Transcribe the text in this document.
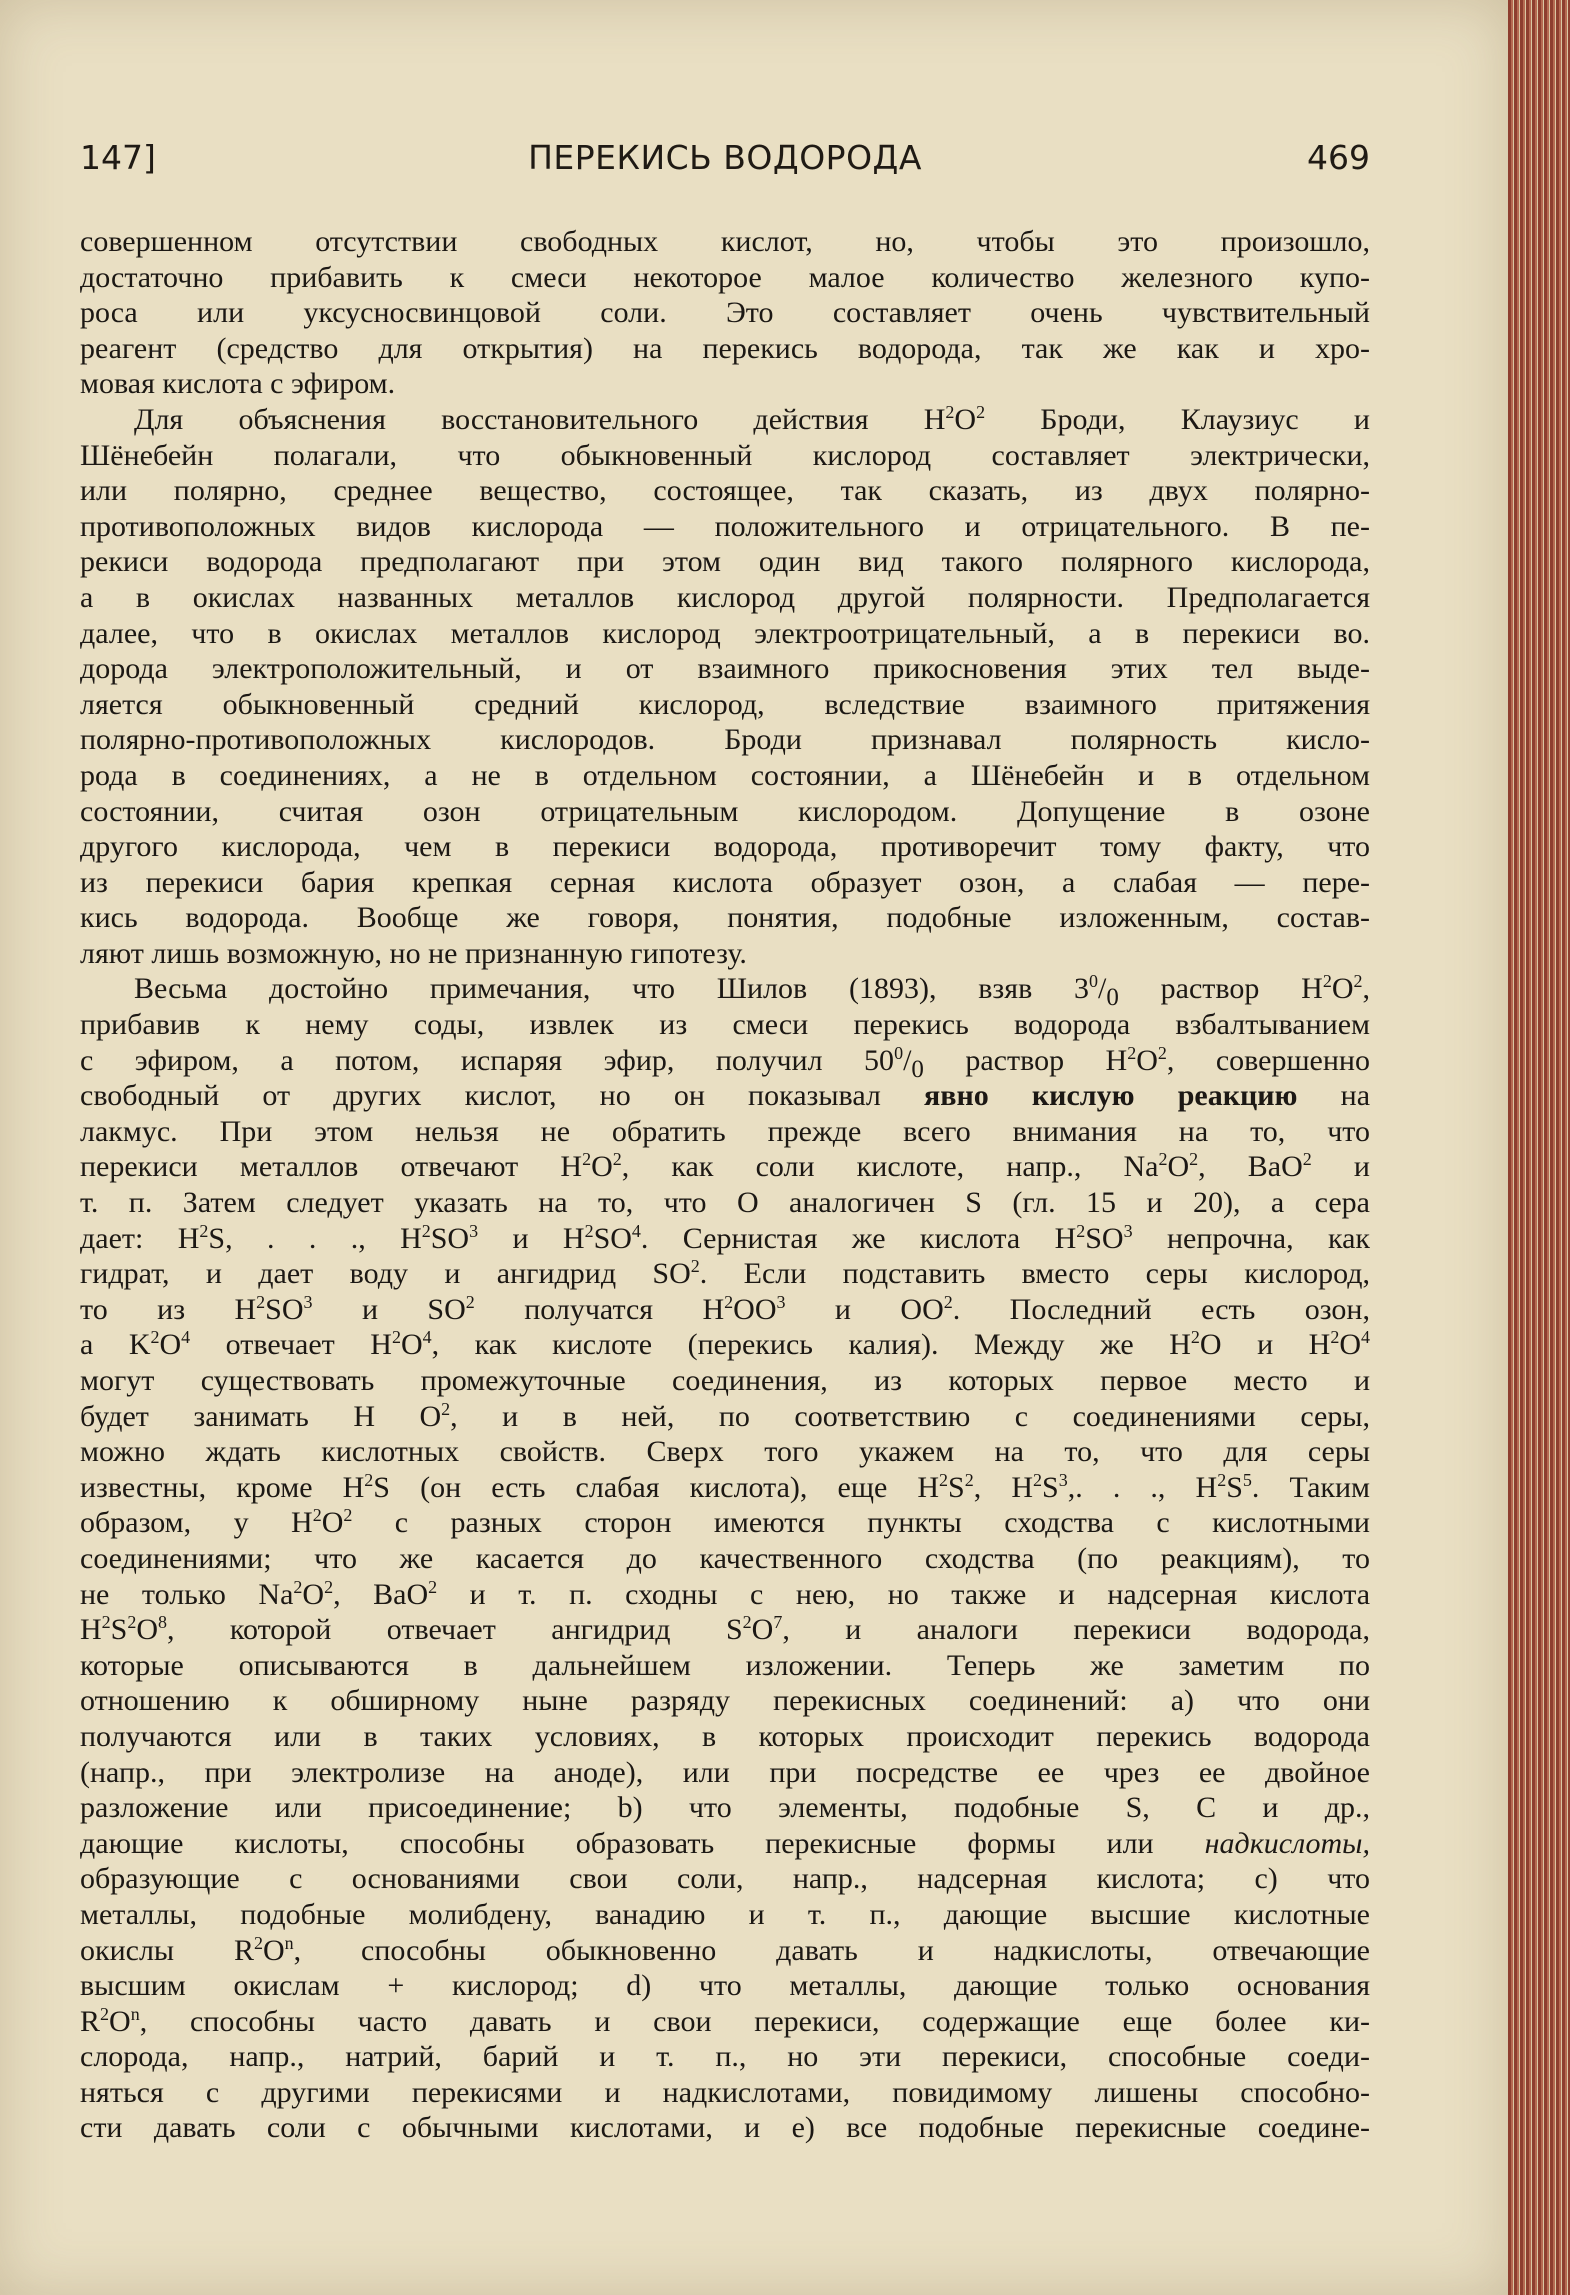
147]	ПЕРЕКИСЬ ВОДОРОДА	469
совершенном отсутствии свободных кислот, но, чтобы это произошло,
достаточно прибавить к смеси некоторое малое количество железного купо-
роса или уксусносвинцовой соли. Это составляет очень чувствительный
реагент (средство для открытия) на перекись водорода, так же как и хро-
мовая кислота с эфиром.
Для объяснения восстановительного действия $H^2O^2$ Броди, Клаузиус и
Шёнебейн полагали, что обыкновенный кислород составляет электрически,
или полярно, среднее вещество, состоящее, так сказать, из двух полярно-
противоположных видов кислорода — положительного и отрицательного. В пе-
рекиси водорода предполагают при этом один вид такого полярного кислорода,
а в окислах названных металлов кислород другой полярности. Предполагается
далее, что в окислах металлов кислород электроотрицательный, а в перекиси во.
дорода электроположительный, и от взаимного прикосновения этих тел выде-
ляется обыкновенный средний кислород, вследствие взаимного притяжения
полярно-противоположных кислородов. Броди признавал полярность кисло-
рода в соединениях, а не в отдельном состоянии, а Шёнебейн и в отдельном
состоянии, считая озон отрицательным кислородом. Допущение в озоне
другого кислорода, чем в перекиси водорода, противоречит тому факту, что
из перекиси бария крепкая серная кислота образует озон, а слабая — пере-
кись водорода. Вообще же говоря, понятия, подобные изложенным, состав-
ляют лишь возможную, но не признанную гипотезу.
Весьма достойно примечания, что Шилов (1893), взяв $3^0/_0$ раствор $H^2O^2$,
прибавив к нему соды, извлек из смеси перекись водорода взбалтыванием
с эфиром, а потом, испаряя эфир, получил $50^0/_0$ раствор $H^2O^2$, совершенно
свободный от других кислот, но он показывал явно кислую реакцию на
лакмус. При этом нельзя не обратить прежде всего внимания на то, что
перекиси металлов отвечают $H^2O^2$, как соли кислоте, напр., $Na^2O^2$, BaO$^2$ и
т. п. Затем следует указать на то, что O аналогичен S (гл. 15 и 20), а сера
дает: $H^2S$, . . ., $H^2SO^3$ и $H^2SO^4$. Сернистая же кислота $H^2SO^3$ непрочна, как
гидрат, и дает воду и ангидрид $SO^2$. Если подставить вместо серы кислород,
то из $H^2SO^3$ и $SO^2$ получатся $H^2OO^3$ и $OO^2$. Последний есть озон,
а $K^2O^4$ отвечает $H^2O^4$, как кислоте (перекись калия). Между же $H^2O$ и $H^2O^4$
могут существовать промежуточные соединения, из которых первое место и
будет занимать H $O^2$, и в ней, по соответствию с соединениями серы,
можно ждать кислотных свойств. Сверх того укажем на то, что для серы
известны, кроме $H^2S$ (он есть слабая кислота), еще $H^2S^2$, $H^2S^3$,. . ., $H^2S^5$. Таким
образом, у $H^2O^2$ с разных сторон имеются пункты сходства с кислотными
соединениями; что же касается до качественного сходства (по реакциям), то
не только $Na^2O^2$, BaO$^2$ и т. п. сходны с нею, но также и надсерная кислота
$H^2S^2O^8$, которой отвечает ангидрид $S^2O^7$, и аналоги перекиси водорода,
которые описываются в дальнейшем изложении. Теперь же заметим по
отношению к обширному ныне разряду перекисных соединений: a) что они
получаются или в таких условиях, в которых происходит перекись водорода
(напр., при электролизе на аноде), или при посредстве ее чрез ее двойное
разложение или присоединение; b) что элементы, подобные S, C и др.,
дающие кислоты, способны образовать перекисные формы или надкислоты,
образующие с основаниями свои соли, напр., надсерная кислота; c) что
металлы, подобные молибдену, ванадию и т. п., дающие высшие кислотные
окислы $R^2O^n$, способны обыкновенно давать и надкислоты, отвечающие
высшим окислам + кислород; d) что металлы, дающие только основания
$R^2O^n$, способны часто давать и свои перекиси, содержащие еще более ки-
слорода, напр., натрий, барий и т. п., но эти перекиси, способные соеди-
няться с другими перекисями и надкислотами, повидимому лишены способно-
сти давать соли с обычными кислотами, и e) все подобные перекисные соедине-
